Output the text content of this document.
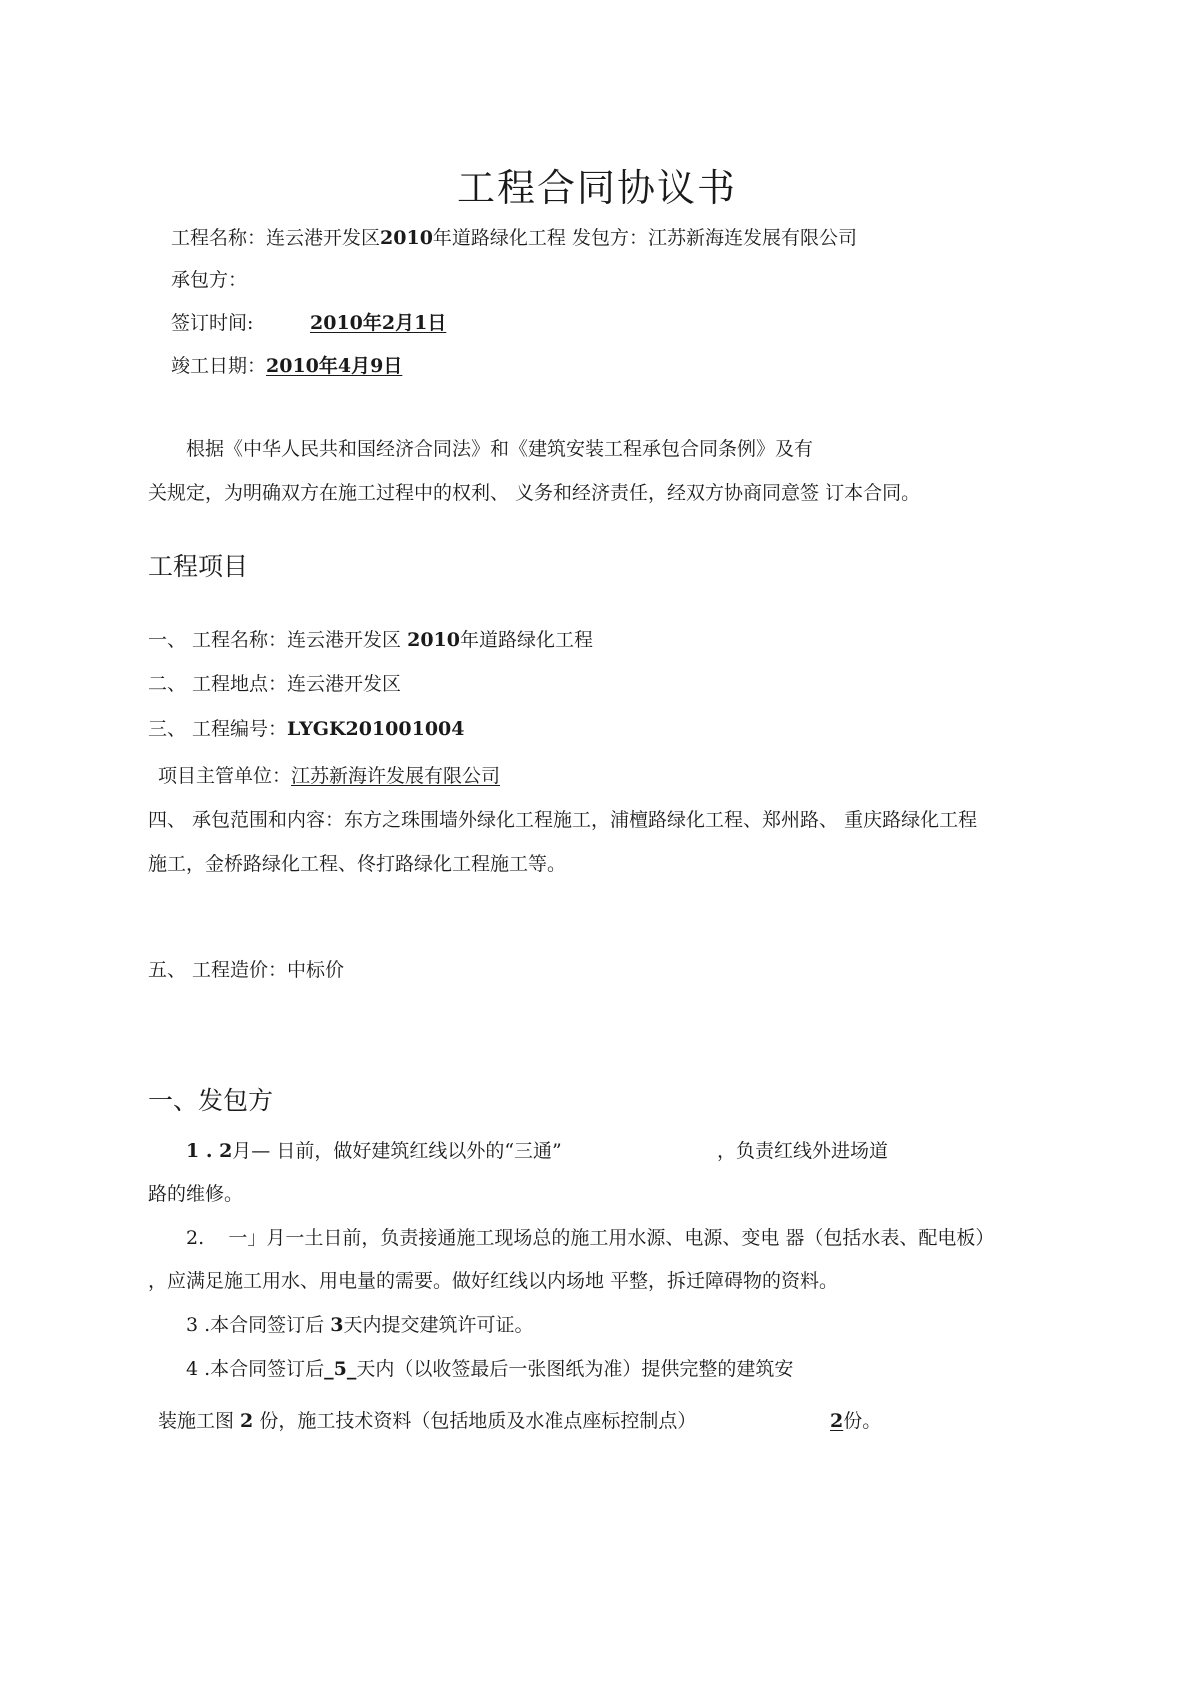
工程合同协议书
工程名称：连云港开发区2010年道路绿化工程 发包方：江苏新海连发展有限公司
承包方：
签订时间:	2010年2月1日
竣工日期：2010年4月9日
根据《中华人民共和国经济合同法》和《建筑安装工程承包合同条例》及有
关规定，为明确双方在施工过程中的权利、 义务和经济责任，经双方协商同意签 订本合同。
工程项目
一、 工程名称：连云港开发区 2010年道路绿化工程
二、 工程地点：连云港开发区
三、 工程编号：LYGK201001004
项目主管单位：江苏新海许发展有限公司
四、 承包范围和内容：东方之珠围墙外绿化工程施工，浦檀路绿化工程、郑州路、 重庆路绿化工程
施工，金桥路绿化工程、佟打路绿化工程施工等。
五、 工程造价：中标价
一、发包方
1 . 2月— 日前，做好建筑红线以外的“三通”	，负责红线外进场道
路的维修。
2. 一」月一土日前，负责接通施工现场总的施工用水源、电源、变电 器（包括水表、配电板）
，应满足施工用水、用电量的需要。做好红线以内场地 平整，拆迁障碍物的资料。
3 .本合同签订后 3天内提交建筑许可证。
4 .本合同签订后_5_天内（以收签最后一张图纸为准）提供完整的建筑安
装施工图 2 份，施工技术资料（包括地质及水准点座标控制点）	2份。
